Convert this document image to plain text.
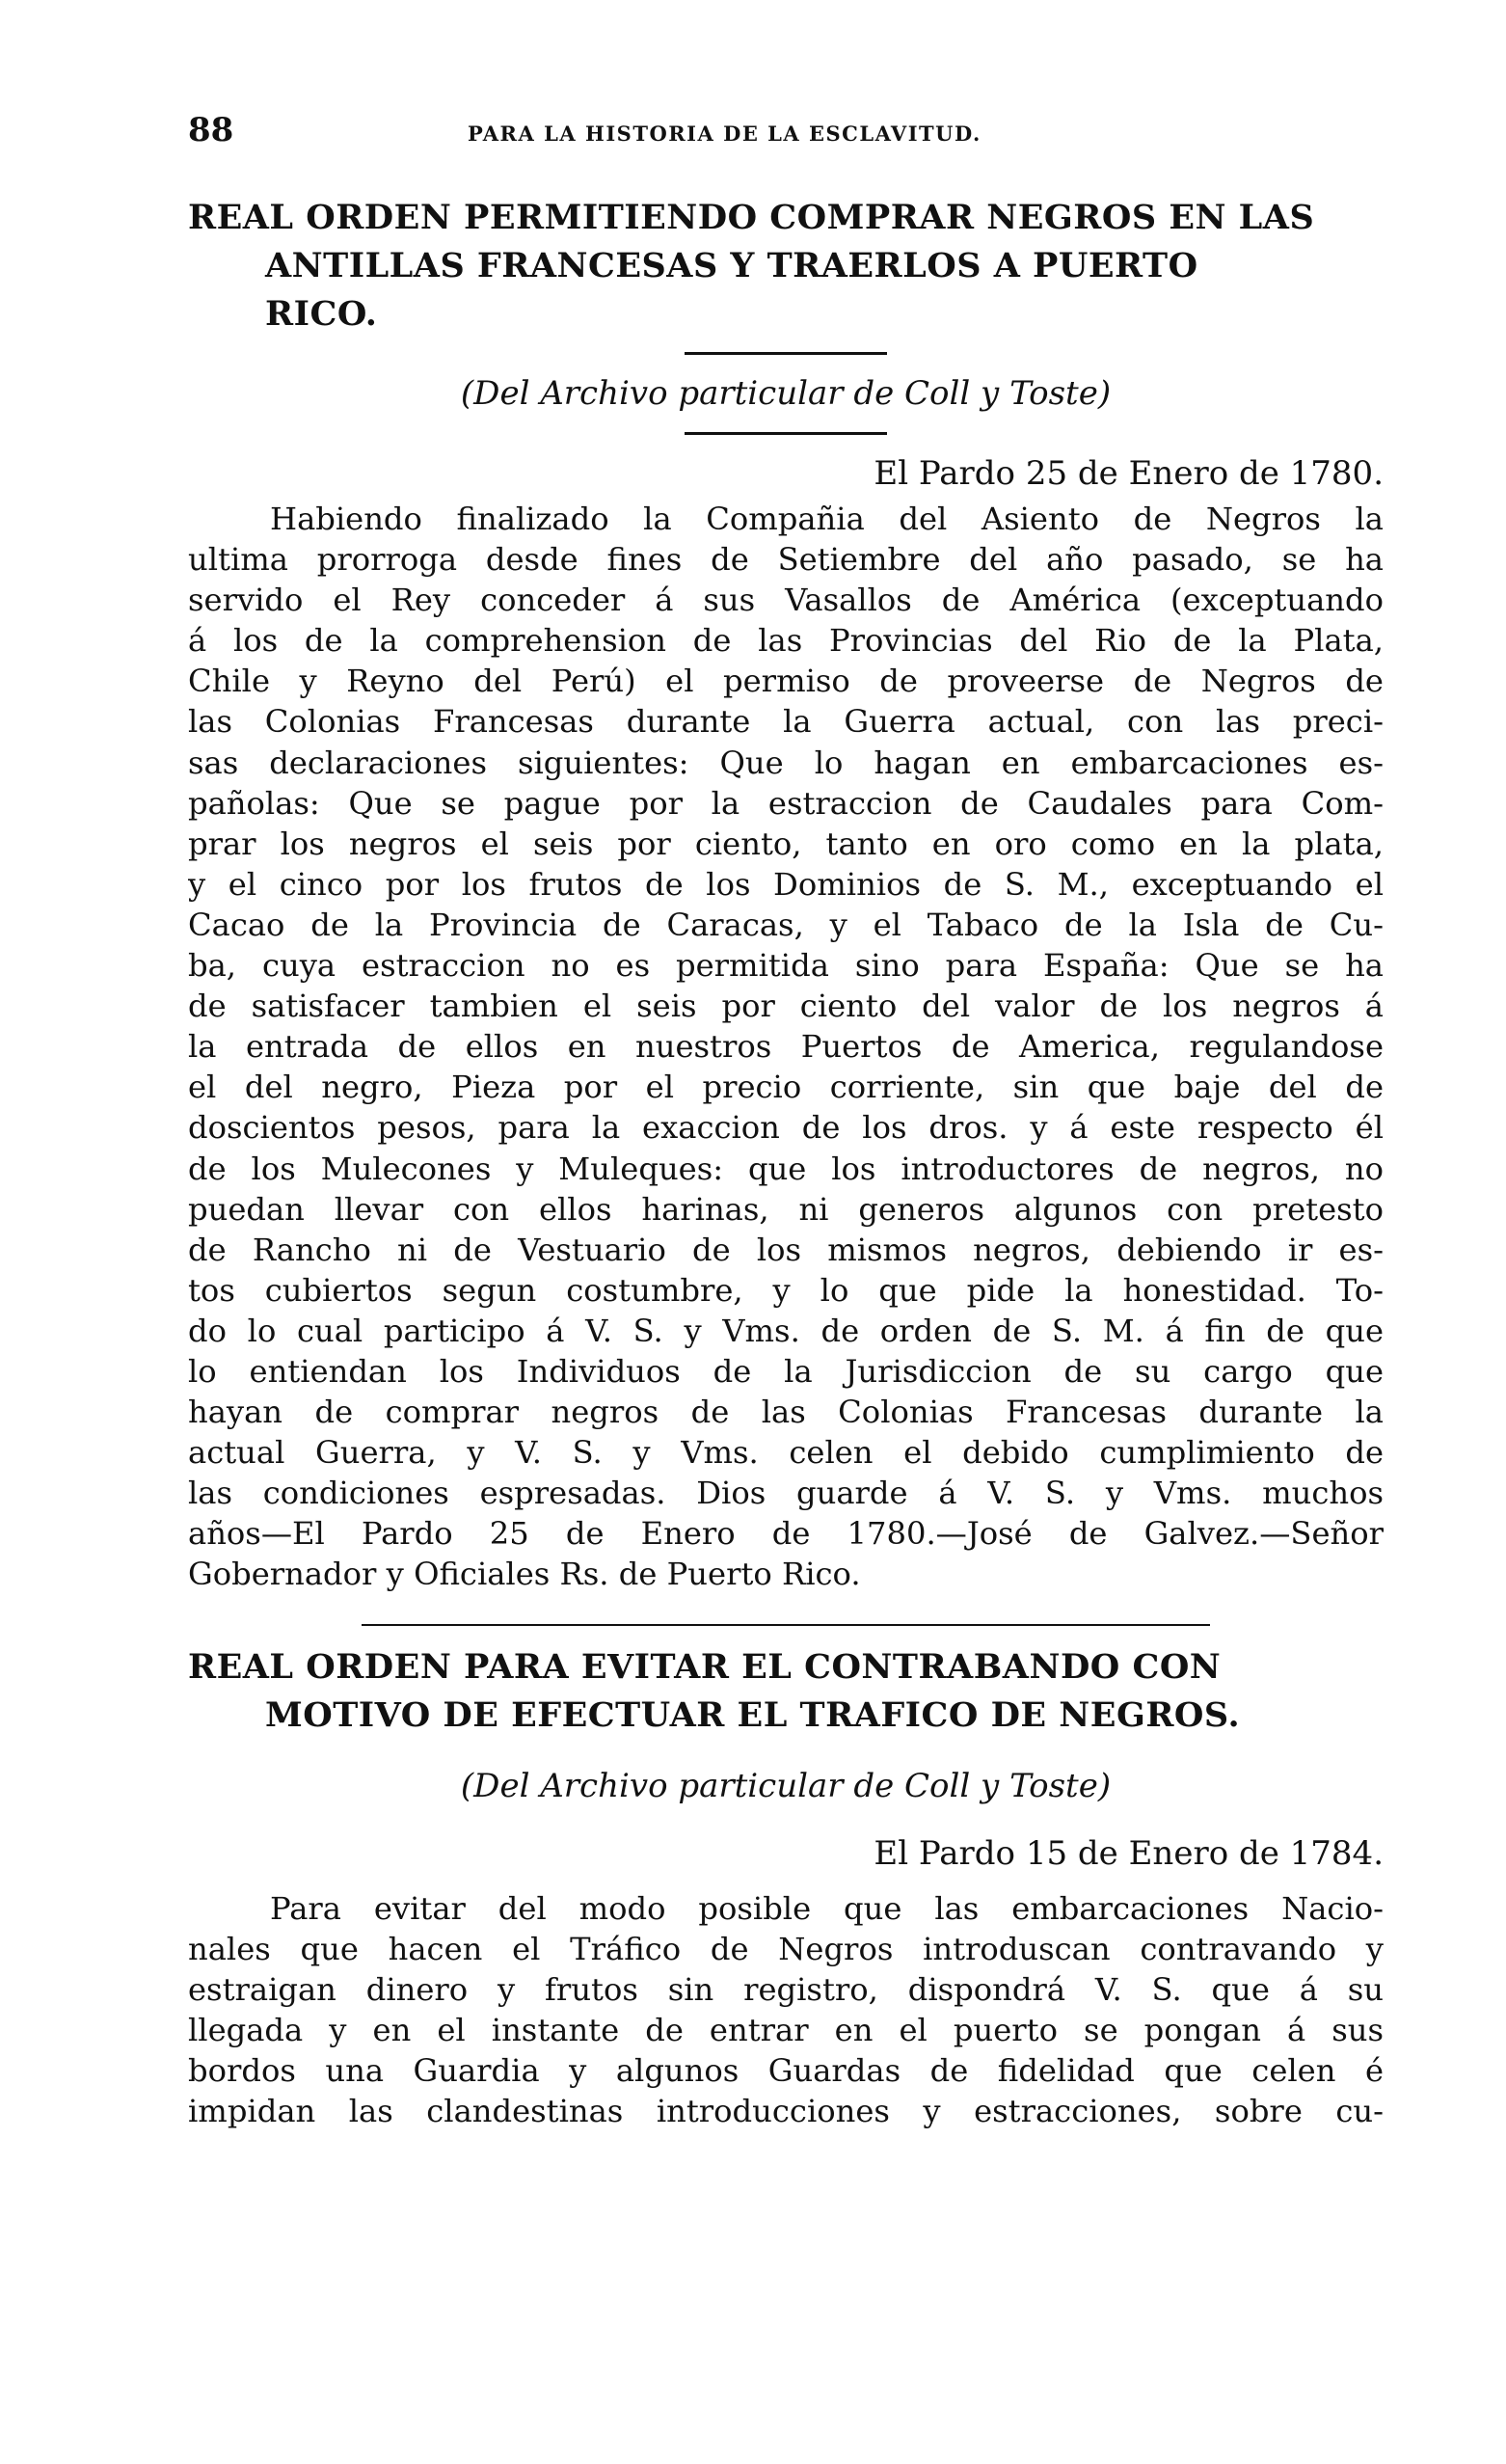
88	PARA LA HISTORIA DE LA ESCLAVITUD.
REAL ORDEN PERMITIENDO COMPRAR NEGROS EN LAS
ANTILLAS FRANCESAS Y TRAERLOS A PUERTO
RICO.

(Del Archivo particular de Coll y Toste)

El Pardo 25 de Enero de 1780.

Habiendo finalizado la Compañia del Asiento de Negros la
ultima prorroga desde fines de Setiembre del año pasado, se ha
servido el Rey conceder á sus Vasallos de América (exceptuando
á los de la comprehension de las Provincias del Rio de la Plata,
Chile y Reyno del Perú) el permiso de proveerse de Negros de
las Colonias Francesas durante la Guerra actual, con las preci-
sas declaraciones siguientes: Que lo hagan en embarcaciones es-
pañolas: Que se pague por la estraccion de Caudales para Com-
prar los negros el seis por ciento, tanto en oro como en la plata,
y el cinco por los frutos de los Dominios de S. M., exceptuando el
Cacao de la Provincia de Caracas, y el Tabaco de la Isla de Cu-
ba, cuya estraccion no es permitida sino para España: Que se ha
de satisfacer tambien el seis por ciento del valor de los negros á
la entrada de ellos en nuestros Puertos de America, regulandose
el del negro, Pieza por el precio corriente, sin que baje del de
doscientos pesos, para la exaccion de los dros. y á este respecto él
de los Mulecones y Muleques: que los introductores de negros, no
puedan llevar con ellos harinas, ni generos algunos con pretesto
de Rancho ni de Vestuario de los mismos negros, debiendo ir es-
tos cubiertos segun costumbre, y lo que pide la honestidad. To-
do lo cual participo á V. S. y Vms. de orden de S. M. á fin de que
lo entiendan los Individuos de la Jurisdiccion de su cargo que
hayan de comprar negros de las Colonias Francesas durante la
actual Guerra, y V. S. y Vms. celen el debido cumplimiento de
las condiciones espresadas. Dios guarde á V. S. y Vms. muchos
años—El Pardo 25 de Enero de 1780.—José de Galvez.—Señor
Gobernador y Oficiales Rs. de Puerto Rico.
REAL ORDEN PARA EVITAR EL CONTRABANDO CON
MOTIVO DE EFECTUAR EL TRAFICO DE NEGROS.

(Del Archivo particular de Coll y Toste)

El Pardo 15 de Enero de 1784.

Para evitar del modo posible que las embarcaciones Nacio-
nales que hacen el Tráfico de Negros introduscan contravando y
estraigan dinero y frutos sin registro, dispondrá V. S. que á su
llegada y en el instante de entrar en el puerto se pongan á sus
bordos una Guardia y algunos Guardas de fidelidad que celen é
impidan las clandestinas introducciones y estracciones, sobre cu-
